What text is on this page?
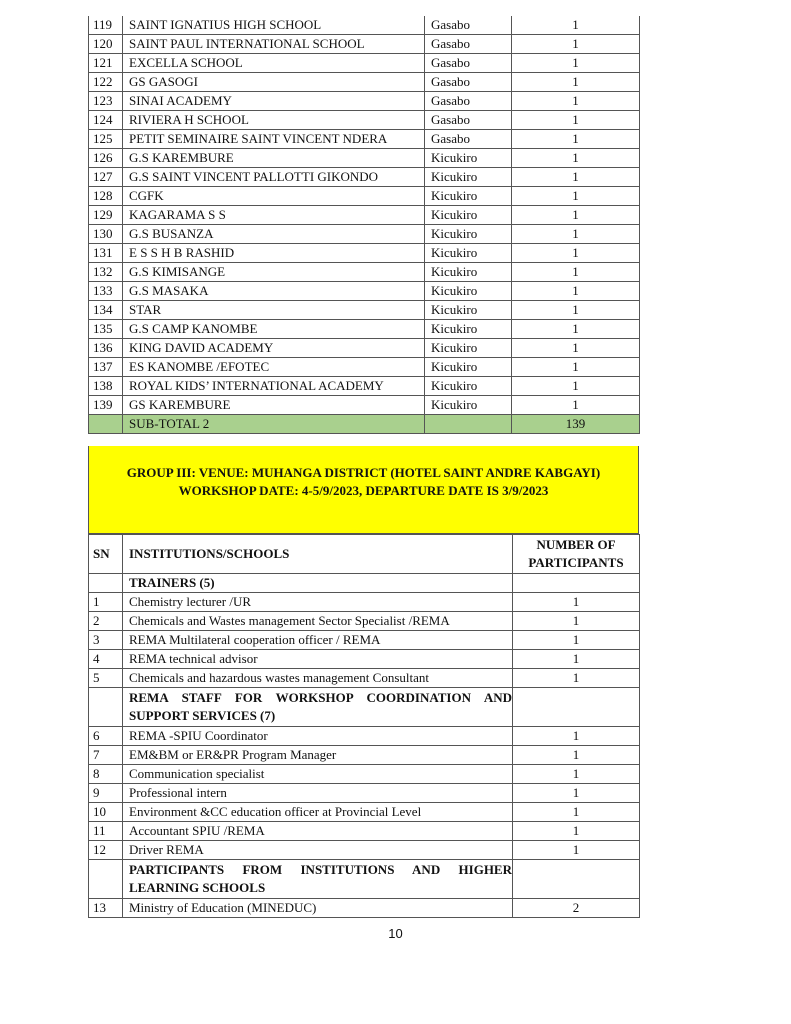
119	SAINT IGNATIUS HIGH SCHOOL	Gasabo	1
120	SAINT PAUL INTERNATIONAL SCHOOL	Gasabo	1
121	EXCELLA SCHOOL	Gasabo	1
122	GS GASOGI	Gasabo	1
123	SINAI ACADEMY	Gasabo	1
124	RIVIERA H SCHOOL	Gasabo	1
125	PETIT SEMINAIRE SAINT VINCENT NDERA	Gasabo	1
126	G.S KAREMBURE	Kicukiro	1
127	G.S SAINT VINCENT PALLOTTI GIKONDO	Kicukiro	1
128	CGFK	Kicukiro	1
129	KAGARAMA S S	Kicukiro	1
130	G.S BUSANZA	Kicukiro	1
131	E S S H B RASHID	Kicukiro	1
132	G.S KIMISANGE	Kicukiro	1
133	G.S MASAKA	Kicukiro	1
134	STAR	Kicukiro	1
135	G.S CAMP KANOMBE	Kicukiro	1
136	KING DAVID ACADEMY	Kicukiro	1
137	ES KANOMBE /EFOTEC	Kicukiro	1
138	ROYAL KIDS’ INTERNATIONAL ACADEMY	Kicukiro	1
139	GS KAREMBURE	Kicukiro	1
	SUB-TOTAL 2		139
GROUP III: VENUE: MUHANGA DISTRICT (HOTEL SAINT ANDRE KABGAYI)
WORKSHOP DATE: 4-5/9/2023, DEPARTURE DATE IS 3/9/2023
SN	INSTITUTIONS/SCHOOLS	NUMBER OF PARTICIPANTS
	TRAINERS (5)	
1	Chemistry lecturer /UR	1
2	Chemicals and Wastes management Sector Specialist /REMA	1
3	REMA Multilateral cooperation officer / REMA	1
4	REMA technical advisor	1
5	Chemicals and hazardous wastes management Consultant	1
	REMA STAFF FOR WORKSHOP COORDINATION AND SUPPORT SERVICES (7)	
6	REMA -SPIU Coordinator	1
7	EM&BM or ER&PR Program Manager	1
8	Communication specialist	1
9	Professional intern	1
10	Environment &CC education officer at Provincial Level	1
11	Accountant SPIU /REMA	1
12	Driver REMA	1
	PARTICIPANTS FROM INSTITUTIONS AND HIGHER LEARNING SCHOOLS	
13	Ministry of Education (MINEDUC)	2
10
